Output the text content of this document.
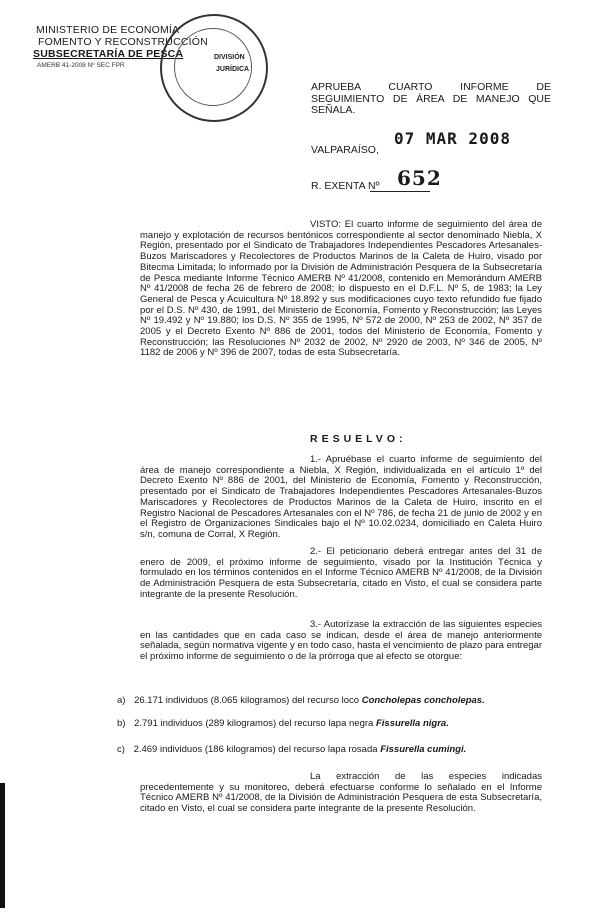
MINISTERIO DE ECONOMÍA
FOMENTO Y RECONSTRUCCIÓN
SUBSECRETARÍA DE PESCA
AMERB 41-2008 Nº SEC FPR
DIVISIÓN
JURÍDICA
APRUEBA CUARTO INFORME DE SEGUIMIENTO DE ÁREA DE MANEJO QUE SEÑALA.
VALPARAÍSO,
07 MAR 2008
R. EXENTA Nº 652
VISTO: El cuarto informe de seguimiento del área de manejo y explotación de recursos bentónicos correspondiente al sector denominado Niebla, X Región, presentado por el Sindicato de Trabajadores Independientes Pescadores Artesanales-Buzos Mariscadores y Recolectores de Productos Marinos de la Caleta de Huiro, visado por Bitecma Limitada; lo informado por la División de Administración Pesquera de la Subsecretaría de Pesca mediante Informe Técnico AMERB Nº 41/2008, contenido en Memorándum AMERB Nº 41/2008 de fecha 26 de febrero de 2008; lo dispuesto en el D.F.L. Nº 5, de 1983; la Ley General de Pesca y Acuicultura Nº 18.892 y sus modificaciones cuyo texto refundido fue fijado por el D.S. Nº 430, de 1991, del Ministerio de Economía, Fomento y Reconstrucción; las Leyes Nº 19.492 y Nº 19.880; los D.S. Nº 355 de 1995, Nº 572 de 2000, Nº 253 de 2002, Nº 357 de 2005 y el Decreto Exento Nº 886 de 2001, todos del Ministerio de Economía, Fomento y Reconstrucción; las Resoluciones Nº 2032 de 2002, Nº 2920 de 2003, Nº 346 de 2005, Nº 1182 de 2006 y Nº 396 de 2007, todas de esta Subsecretaría.
RESUELVO:
1.- Apruébase el cuarto informe de seguimiento del área de manejo correspondiente a Niebla, X Región, individualizada en el artículo 1º del Decreto Exento Nº 886 de 2001, del Ministerio de Economía, Fomento y Reconstrucción, presentado por el Sindicato de Trabajadores Independientes Pescadores Artesanales-Buzos Mariscadores y Recolectores de Productos Marinos de la Caleta de Huiro, inscrito en el Registro Nacional de Pescadores Artesanales con el Nº 786, de fecha 21 de junio de 2002 y en el Registro de Organizaciones Sindicales bajo el Nº 10.02.0234, domiciliado en Caleta Huiro s/n, comuna de Corral, X Región.
2.- El peticionario deberá entregar antes del 31 de enero de 2009, el próximo informe de seguimiento, visado por la Institución Técnica y formulado en los términos contenidos en el Informe Técnico AMERB Nº 41/2008, de la División de Administración Pesquera de esta Subsecretaría, citado en Visto, el cual se considera parte integrante de la presente Resolución.
3.- Autorízase la extracción de las siguientes especies en las cantidades que en cada caso se indican, desde el área de manejo anteriormente señalada, según normativa vigente y en todo caso, hasta el vencimiento de plazo para entregar el próximo informe de seguimiento o de la prórroga que al efecto se otorgue:
a) 26.171 individuos (8.065 kilogramos) del recurso loco Concholepas concholepas.
b) 2.791 individuos (289 kilogramos) del recurso lapa negra Fissurella nigra.
c) 2.469 individuos (186 kilogramos) del recurso lapa rosada Fissurella cumingi.
La extracción de las especies indicadas precedentemente y su monitoreo, deberá efectuarse conforme lo señalado en el Informe Técnico AMERB Nº 41/2008, de la División de Administración Pesquera de esta Subsecretaría, citado en Visto, el cual se considera parte integrante de la presente Resolución.
